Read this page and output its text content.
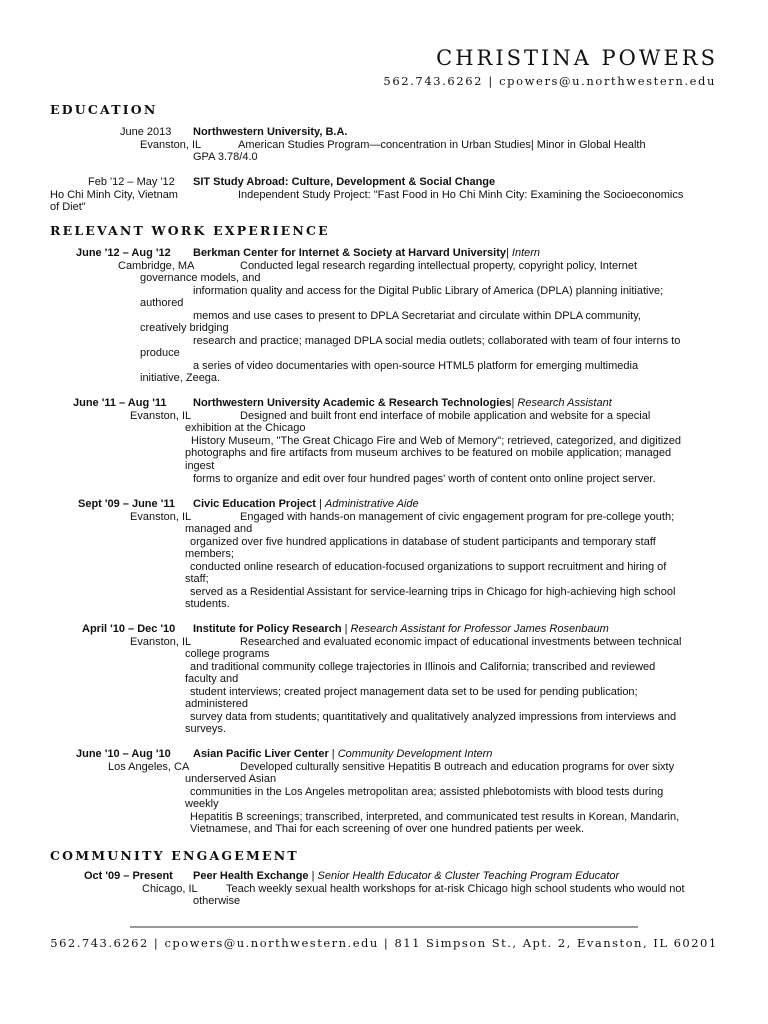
CHRISTINA POWERS
562.743.6262 | cpowers@u.northwestern.edu
EDUCATION
June 2013 Northwestern University, B.A.
Evanston, IL	American Studies Program—concentration in Urban Studies| Minor in Global Health
GPA 3.78/4.0
Feb '12 – May '12 SIT Study Abroad: Culture, Development & Social Change
Ho Chi Minh City, Vietnam	Independent Study Project: "Fast Food in Ho Chi Minh City: Examining the Socioeconomics
of Diet"
RELEVANT WORK EXPERIENCE
June '12 – Aug '12 Berkman Center for Internet & Society at Harvard University| Intern
Cambridge, MA	Conducted legal research regarding intellectual property, copyright policy, Internet
governance models, and
information quality and access for the Digital Public Library of America (DPLA) planning initiative;
authored
memos and use cases to present to DPLA Secretariat and circulate within DPLA community,
creatively bridging
research and practice; managed DPLA social media outlets; collaborated with team of four interns to
produce
a series of video documentaries with open-source HTML5 platform for emerging multimedia
initiative, Zeega.
June '11 – Aug '11 Northwestern University Academic & Research Technologies| Research Assistant
Evanston, IL	Designed and built front end interface of mobile application and website for a special
exhibition at the Chicago
History Museum, "The Great Chicago Fire and Web of Memory"; retrieved, categorized, and digitized
photographs and fire artifacts from museum archives to be featured on mobile application; managed
ingest
forms to organize and edit over four hundred pages' worth of content onto online project server.
Sept '09 – June '11 Civic Education Project | Administrative Aide
Evanston, IL	Engaged with hands-on management of civic engagement program for pre-college youth;
managed and
organized over five hundred applications in database of student participants and temporary staff
members;
conducted online research of education-focused organizations to support recruitment and hiring of
staff;
served as a Residential Assistant for service-learning trips in Chicago for high-achieving high school
students.
April '10 – Dec '10 Institute for Policy Research | Research Assistant for Professor James Rosenbaum
Evanston, IL	Researched and evaluated economic impact of educational investments between technical
college programs
and traditional community college trajectories in Illinois and California; transcribed and reviewed
faculty and
student interviews; created project management data set to be used for pending publication;
administered
survey data from students; quantitatively and qualitatively analyzed impressions from interviews and
surveys.
June '10 – Aug '10 Asian Pacific Liver Center | Community Development Intern
Los Angeles, CA	Developed culturally sensitive Hepatitis B outreach and education programs for over sixty
underserved Asian
communities in the Los Angeles metropolitan area; assisted phlebotomists with blood tests during
weekly
Hepatitis B screenings; transcribed, interpreted, and communicated test results in Korean, Mandarin,
Vietnamese, and Thai for each screening of over one hundred patients per week.
COMMUNITY ENGAGEMENT
Oct '09 – Present Peer Health Exchange | Senior Health Educator & Cluster Teaching Program Educator
Chicago, IL	Teach weekly sexual health workshops for at-risk Chicago high school students who would not
otherwise
562.743.6262 | cpowers@u.northwestern.edu | 811 Simpson St., Apt. 2, Evanston, IL 60201
